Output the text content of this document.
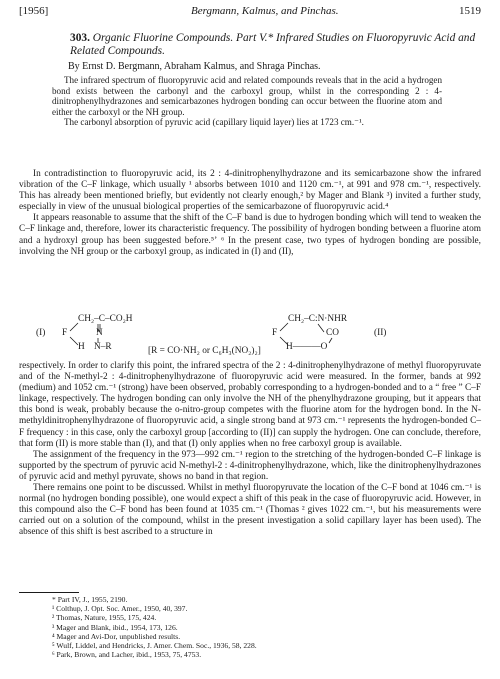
[1956]	Bergmann, Kalmus, and Pinchas.	1519
303. Organic Fluorine Compounds. Part V.* Infrared Studies on Fluoropyruvic Acid and Related Compounds.
By Ernst D. Bergmann, Abraham Kalmus, and Shraga Pinchas.

The infrared spectrum of fluoropyruvic acid and related compounds reveals that in the acid a hydrogen bond exists between the carbonyl and the carboxyl group, whilst in the corresponding 2 : 4-dinitrophenylhydrazones and semicarbazones hydrogen bonding can occur between the fluorine atom and either the carboxyl or the NH group.

The carbonyl absorption of pyruvic acid (capillary liquid layer) lies at 1723 cm.⁻¹.

In contradistinction to fluoropyruvic acid, its 2 : 4-dinitrophenylhydrazone and its semicarbazone show the infrared vibration of the C–F linkage, which usually ¹ absorbs between 1010 and 1120 cm.⁻¹, at 991 and 978 cm.⁻¹, respectively. This has already been mentioned briefly, but evidently not clearly enough,² by Mager and Blank ³) invited a further study, especially in view of the unusual biological properties of the semicarbazone of fluoropyruvic acid.⁴

It appears reasonable to assume that the shift of the C–F band is due to hydrogen bonding which will tend to weaken the C–F linkage and, therefore, lower its characteristic frequency. The possibility of hydrogen bonding between a fluorine atom and a hydroxyl group has been suggested before.⁵ʼ ⁶ In the present case, two types of hydrogen bonding are possible, involving the NH group or the carboxyl group, as indicated in (I) and (II),

(I)
CH₂–C–CO₂H
F	N
H N–R
CH₂–C:N·NHR
F	CO
H———O
(II)
[R = CO·NH₂ or C₆H₃(NO₂)₂]

respectively. In order to clarify this point, the infrared spectra of the 2 : 4-dinitrophenylhydrazone of methyl fluoropyruvate and of the N-methyl-2 : 4-dinitrophenylhydrazone of fluoropyruvic acid were measured. In the former, bands at 992 (medium) and 1052 cm.⁻¹ (strong) have been observed, probably corresponding to a hydrogen-bonded and to a “ free ” C–F linkage, respectively. The hydrogen bonding can only involve the NH of the phenylhydrazone grouping, but it appears that this bond is weak, probably because the o-nitro-group competes with the fluorine atom for the hydrogen bond. In the N-methyldinitrophenylhydrazone of fluoropyruvic acid, a single strong band at 973 cm.⁻¹ represents the hydrogen-bonded C–F frequency : in this case, only the carboxyl group [according to (II)] can supply the hydrogen. One can conclude, therefore, that form (II) is more stable than (I), and that (I) only applies when no free carboxyl group is available.

The assignment of the frequency in the 973—992 cm.⁻¹ region to the stretching of the hydrogen-bonded C–F linkage is supported by the spectrum of pyruvic acid N-methyl-2 : 4-dinitrophenylhydrazone, which, like the dinitrophenylhydrazones of pyruvic acid and methyl pyruvate, shows no band in that region.

There remains one point to be discussed. Whilst in methyl fluoropyruvate the location of the C–F bond at 1046 cm.⁻¹ is normal (no hydrogen bonding possible), one would expect a shift of this peak in the case of fluoropyruvic acid. However, in this compound also the C–F bond has been found at 1035 cm.⁻¹ (Thomas ² gives 1022 cm.⁻¹, but his measurements were carried out on a solution of the compound, whilst in the present investigation a solid capillary layer has been used). The absence of this shift is best ascribed to a structure in

* Part IV, J., 1955, 2190.
¹ Colthup, J. Opt. Soc. Amer., 1950, 40, 397.
² Thomas, Nature, 1955, 175, 424.
³ Mager and Blank, ibid., 1954, 173, 126.
⁴ Mager and Avi-Dor, unpublished results.
⁵ Wulf, Liddel, and Hendricks, J. Amer. Chem. Soc., 1936, 58, 228.
⁶ Park, Brown, and Lacher, ibid., 1953, 75, 4753.
